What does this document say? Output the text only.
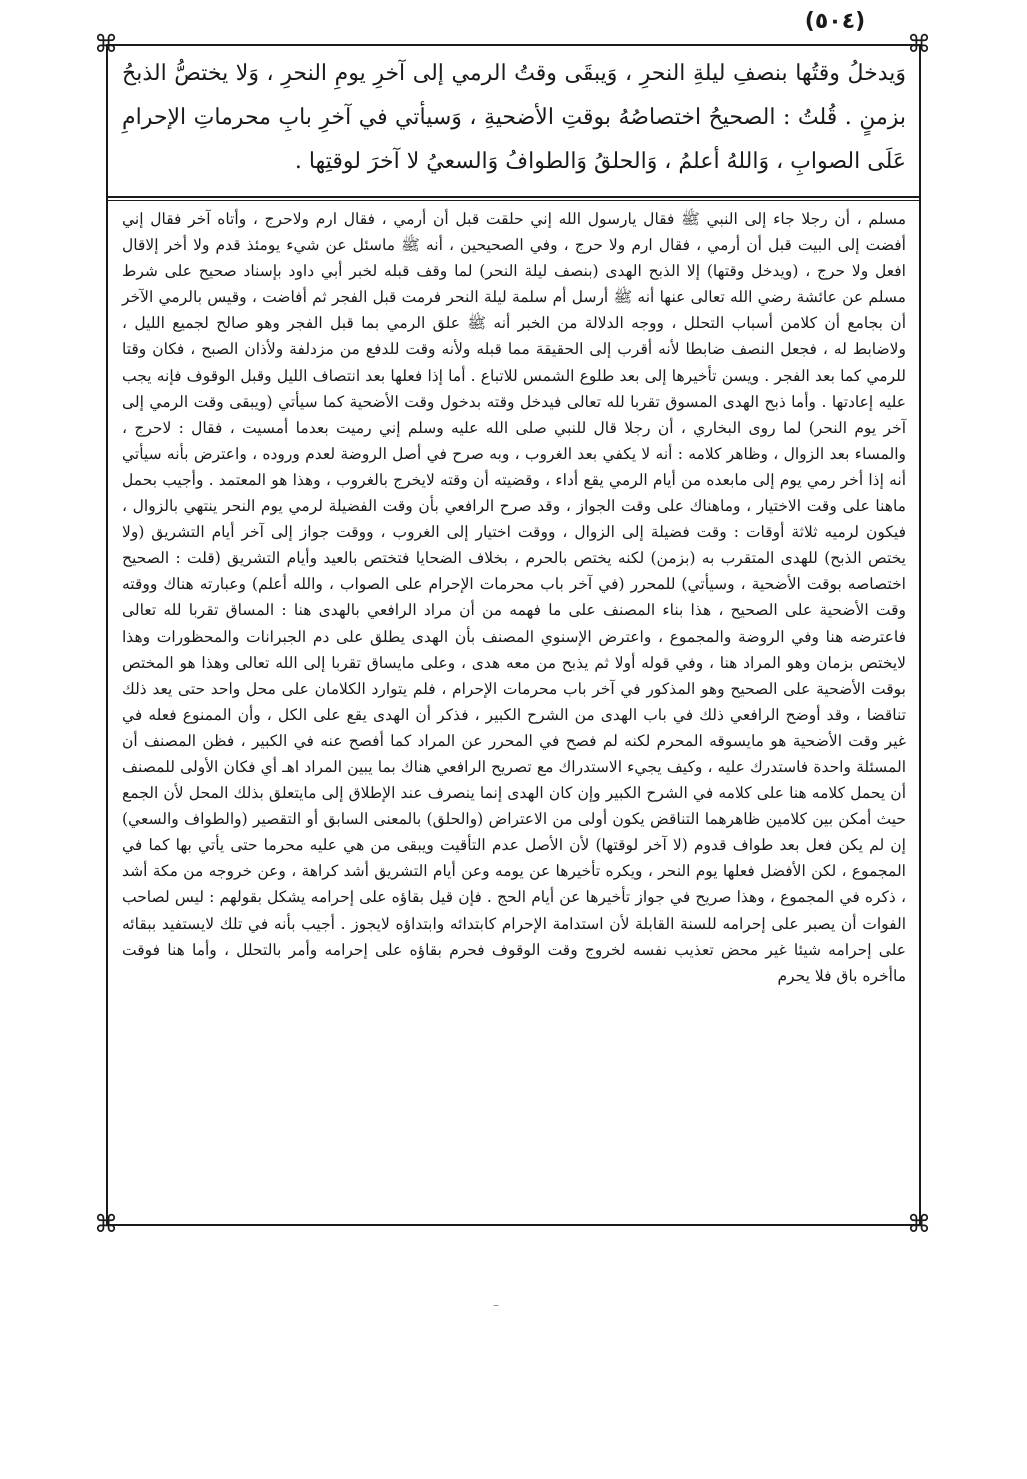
(٥٠٤)
⌘	⌘
⌘	⌘

وَيدخلُ وقتُها بنصفِ ليلةِ النحرِ ، وَيبقَى وقتُ الرمي إلى آخرِ يومِ النحرِ ، وَلا يختصُّ الذبحُ بزمنٍ . قُلتُ : الصحيحُ اختصاصُهُ بوقتِ الأضحيةِ ، وَسيأتي في آخرِ بابِ محرماتِ الإحرامِ عَلَى الصوابِ ، وَاللهُ أعلمُ ، وَالحلقُ وَالطوافُ وَالسعيُ لا آخرَ لوقتِها .

مسلم ، أن رجلا جاء إلى النبي ﷺ فقال يارسول الله إني حلقت قبل أن أرمي ، فقال ارم ولاحرج ، وأتاه آخر فقال إني أفضت إلى البيت قبل أن أرمي ، فقال ارم ولا حرج ، وفي الصحيحين ، أنه ﷺ ماسئل عن شيء يومئذ قدم ولا أخر إلاقال افعل ولا حرج ، (ويدخل وقتها) إلا الذبح الهدى (بنصف ليلة النحر) لما وقف قبله لخبر أبي داود بإسناد صحيح على شرط مسلم عن عائشة رضي الله تعالى عنها أنه ﷺ أرسل أم سلمة ليلة النحر فرمت قبل الفجر ثم أفاضت ، وقيس بالرمي الآخر أن بجامع أن كلامن أسباب التحلل ، ووجه الدلالة من الخبر أنه ﷺ علق الرمي بما قبل الفجر وهو صالح لجميع الليل ، ولاضابط له ، فجعل النصف ضابطا لأنه أقرب إلى الحقيقة مما قبله ولأنه وقت للدفع من مزدلفة ولأذان الصبح ، فكان وقتا للرمي كما بعد الفجر . ويسن تأخيرها إلى بعد طلوع الشمس للاتباع . أما إذا فعلها بعد انتصاف الليل وقبل الوقوف فإنه يجب عليه إعادتها . وأما ذبح الهدى المسوق تقربا لله تعالى فيدخل وقته بدخول وقت الأضحية كما سيأتي (ويبقى وقت الرمي إلى آخر يوم النحر) لما روى البخاري ، أن رجلا قال للنبي صلى الله عليه وسلم إني رميت بعدما أمسيت ، فقال : لاحرج ، والمساء بعد الزوال ، وظاهر كلامه : أنه لا يكفي بعد الغروب ، وبه صرح في أصل الروضة لعدم وروده ، واعترض بأنه سيأتي أنه إذا أخر رمي يوم إلى مابعده من أيام الرمي يقع أداء ، وقضيته أن وقته لايخرج بالغروب ، وهذا هو المعتمد . وأجيب بحمل ماهنا على وقت الاختيار ، وماهناك على وقت الجواز ، وقد صرح الرافعي بأن وقت الفضيلة لرمي يوم النحر ينتهي بالزوال ، فيكون لرميه ثلاثة أوقات : وقت فضيلة إلى الزوال ، ووقت اختيار إلى الغروب ، ووقت جواز إلى آخر أيام التشريق (ولا يختص الذبح) للهدى المتقرب به (بزمن) لكنه يختص بالحرم ، بخلاف الضحايا فتختص بالعيد وأيام التشريق (قلت : الصحيح اختصاصه بوقت الأضحية ، وسيأتي) للمحرر (في آخر باب محرمات الإحرام على الصواب ، والله أعلم) وعبارته هناك ووقته وقت الأضحية على الصحيح ، هذا بناء المصنف على ما فهمه من أن مراد الرافعي بالهدى هنا : المساق تقربا لله تعالى فاعترضه هنا وفي الروضة والمجموع ، واعترض الإسنوي المصنف بأن الهدى يطلق على دم الجبرانات والمحظورات وهذا لايختص بزمان وهو المراد هنا ، وفي قوله أولا ثم يذبح من معه هدى ، وعلى مايساق تقربا إلى الله تعالى وهذا هو المختص بوقت الأضحية على الصحيح وهو المذكور في آخر باب محرمات الإحرام ، فلم يتوارد الكلامان على محل واحد حتى يعد ذلك تناقضا ، وقد أوضح الرافعي ذلك في باب الهدى من الشرح الكبير ، فذكر أن الهدى يقع على الكل ، وأن الممنوع فعله في غير وقت الأضحية هو مايسوقه المحرم لكنه لم فصح في المحرر عن المراد كما أفصح عنه في الكبير ، فظن المصنف أن المسئلة واحدة فاستدرك عليه ، وكيف يجيء الاستدراك مع تصريح الرافعي هناك بما يبين المراد اهـ أي فكان الأولى للمصنف أن يحمل كلامه هنا على كلامه في الشرح الكبير وإن كان الهدى إنما ينصرف عند الإطلاق إلى مايتعلق بذلك المحل لأن الجمع حيث أمكن بين كلامين ظاهرهما التناقض يكون أولى من الاعتراض (والحلق) بالمعنى السابق أو التقصير (والطواف والسعي) إن لم يكن فعل بعد طواف قدوم (لا آخر لوقتها) لأن الأصل عدم التأقيت ويبقى من هي عليه محرما حتى يأتي بها كما في المجموع ، لكن الأفضل فعلها يوم النحر ، ويكره تأخيرها عن يومه وعن أيام التشريق أشد كراهة ، وعن خروجه من مكة أشد ، ذكره في المجموع ، وهذا صريح في جواز تأخيرها عن أيام الحج . فإن قيل بقاؤه على إحرامه يشكل بقولهم : ليس لصاحب الفوات أن يصبر على إحرامه للسنة القابلة لأن استدامة الإحرام كابتدائه وابتداؤه لايجوز . أجيب بأنه في تلك لايستفيد ببقائه على إحرامه شيئا غير محض تعذيب نفسه لخروج وقت الوقوف فحرم بقاؤه على إحرامه وأمر بالتحلل ، وأما هنا فوقت ماأخره باق فلا يحرم

–
